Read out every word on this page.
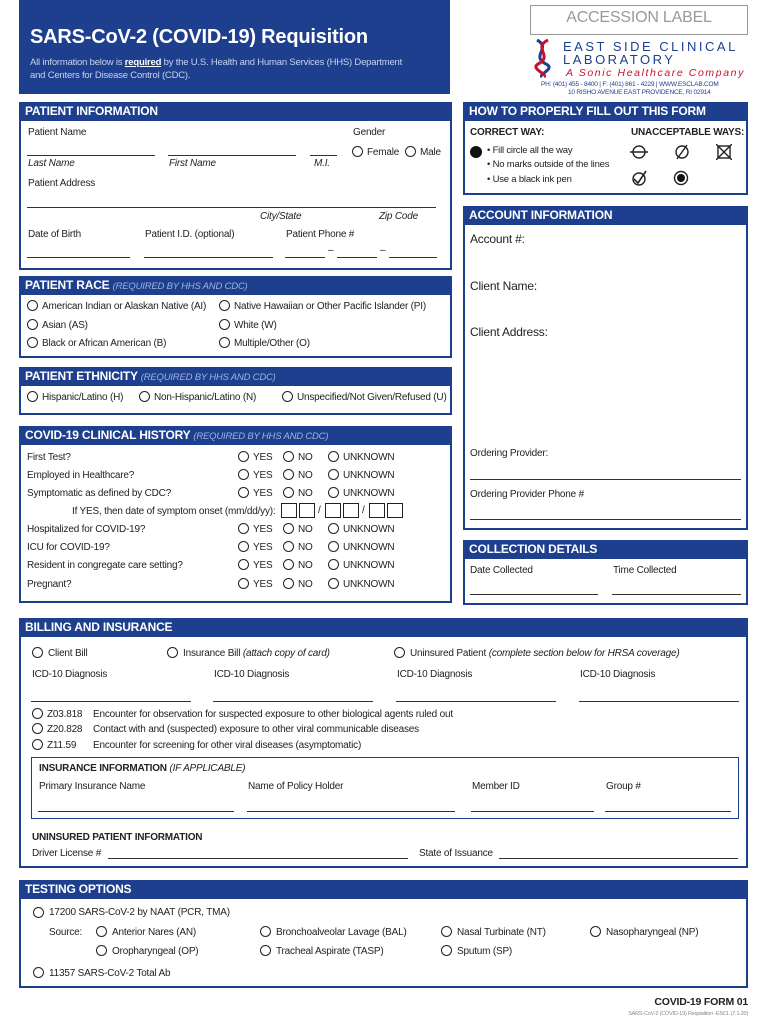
SARS-CoV-2 (COVID-19) Requisition
All information below is required by the U.S. Health and Human Services (HHS) Department
and Centers for Disease Control (CDC).
ACCESSION LABEL
EAST SIDE CLINICAL
LABORATORY
A Sonic Healthcare Company
PH: (401) 455 - 8400 | F: (401) 861 - 4229 | WWW.ESCLAB.COM
10 RISHO AVENUE EAST PROVIDENCE, RI 02914
PATIENT INFORMATION
Patient Name	Gender
Female Male
Last Name	First Name	M.I.
Patient Address
City/State	Zip Code
Date of Birth	Patient I.D. (optional)	Patient Phone #
–	–
HOW TO PROPERLY FILL OUT THIS FORM
CORRECT WAY:	UNACCEPTABLE WAYS:
• Fill circle all the way
• No marks outside of the lines
• Use a black ink pen
ACCOUNT INFORMATION
Account #:
Client Name:
Client Address:
Ordering Provider:
Ordering Provider Phone #
PATIENT RACE (REQUIRED BY HHS AND CDC)
American Indian or Alaskan Native (AI)	Native Hawaiian or Other Pacific Islander (PI)
Asian (AS)	White (W)
Black or African American (B)	Multiple/Other (O)
PATIENT ETHNICITY (REQUIRED BY HHS AND CDC)
Hispanic/Latino (H)	Non-Hispanic/Latino (N)	Unspecified/Not Given/Refused (U)
COVID-19 CLINICAL HISTORY (REQUIRED BY HHS AND CDC)
First Test?	YES	NO	UNKNOWN
Employed in Healthcare?	YES	NO	UNKNOWN
Symptomatic as defined by CDC?	YES	NO	UNKNOWN
Hospitalized for COVID-19?	YES	NO	UNKNOWN
ICU for COVID-19?	YES	NO	UNKNOWN
Resident in congregate care setting?	YES	NO	UNKNOWN
Pregnant?	YES	NO	UNKNOWN
If YES, then date of symptom onset (mm/dd/yy):	/	/
COLLECTION DETAILS
Date Collected	Time Collected
BILLING AND INSURANCE
Client Bill	Insurance Bill (attach copy of card)	Uninsured Patient (complete section below for HRSA coverage)
ICD-10 Diagnosis	ICD-10 Diagnosis	ICD-10 Diagnosis	ICD-10 Diagnosis
Z03.818 Encounter for observation for suspected exposure to other biological agents ruled out
Z20.828 Contact with and (suspected) exposure to other viral communicable diseases
Z11.59 Encounter for screening for other viral diseases (asymptomatic)
INSURANCE INFORMATION (IF APPLICABLE)
Primary Insurance Name	Name of Policy Holder	Member ID	Group #
UNINSURED PATIENT INFORMATION
Driver License #	State of Issuance
TESTING OPTIONS
17200 SARS-CoV-2 by NAAT (PCR, TMA)
Source:	Anterior Nares (AN)	Bronchoalveolar Lavage (BAL)	Nasal Turbinate (NT)	Nasopharyngeal (NP)
Oropharyngeal (OP)	Tracheal Aspirate (TASP)	Sputum (SP)
11357 SARS-CoV-2 Total Ab
COVID-19 FORM 01
SARS-CoV-2 (COVID-19) Requisition -ESCL (7.1.20)
